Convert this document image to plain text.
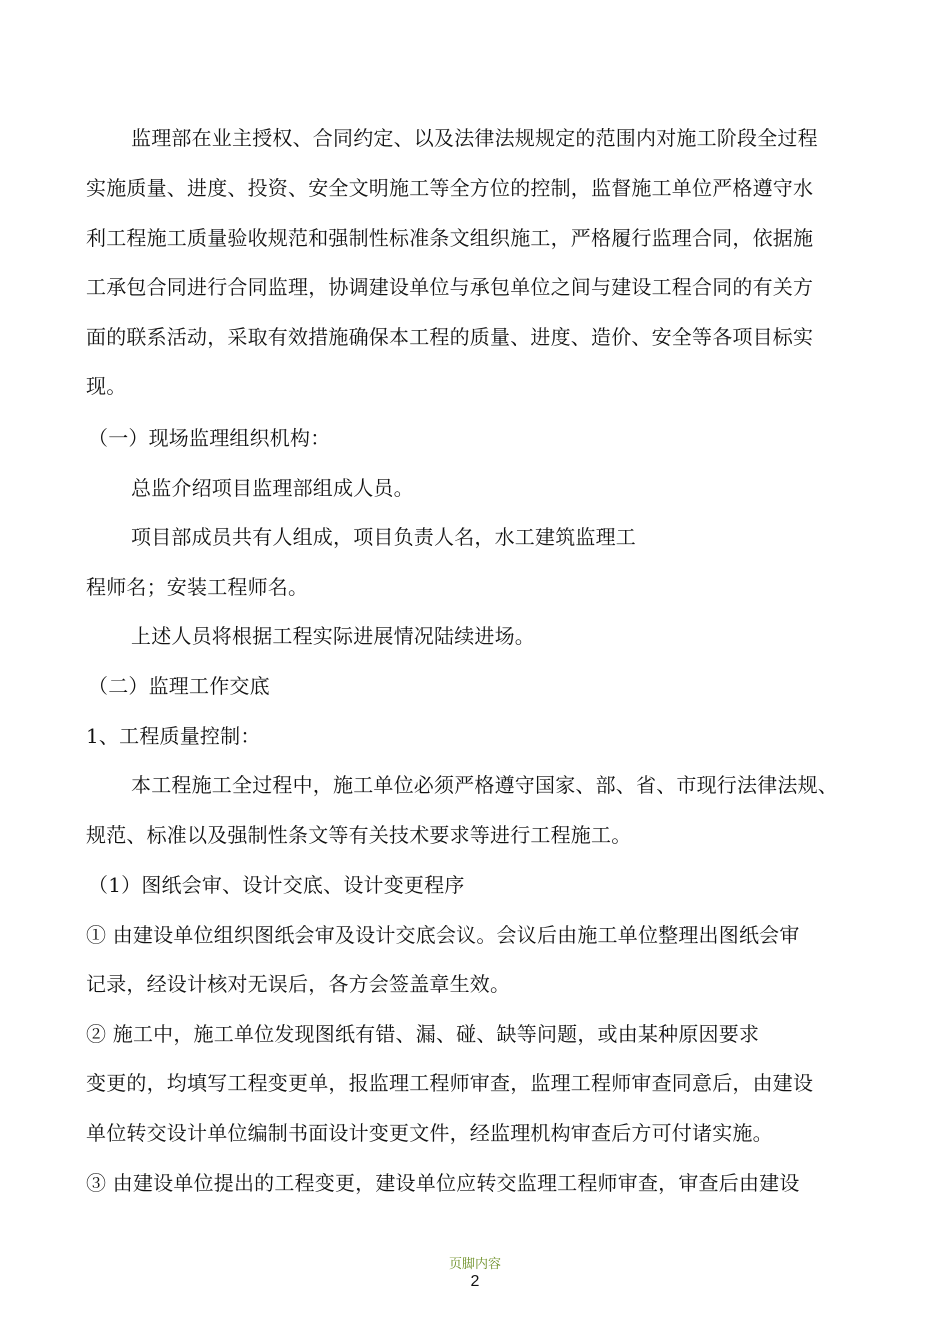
监理部在业主授权、合同约定、以及法律法规规定的范围内对施工阶段全过程
实施质量、进度、投资、安全文明施工等全方位的控制，监督施工单位严格遵守水
利工程施工质量验收规范和强制性标准条文组织施工，严格履行监理合同，依据施
工承包合同进行合同监理，协调建设单位与承包单位之间与建设工程合同的有关方
面的联系活动，采取有效措施确保本工程的质量、进度、造价、安全等各项目标实
现。
（一）现场监理组织机构：
总监介绍项目监理部组成人员。
项目部成员共有人组成，项目负责人名，水工建筑监理工
程师名；安装工程师名。
上述人员将根据工程实际进展情况陆续进场。
（二）监理工作交底
1、工程质量控制：
本工程施工全过程中，施工单位必须严格遵守国家、部、省、市现行法律法规、
规范、标准以及强制性条文等有关技术要求等进行工程施工。
（1）图纸会审、设计交底、设计变更程序
① 由建设单位组织图纸会审及设计交底会议。会议后由施工单位整理出图纸会审
记录，经设计核对无误后，各方会签盖章生效。
② 施工中，施工单位发现图纸有错、漏、碰、缺等问题，或由某种原因要求
变更的，均填写工程变更单，报监理工程师审查，监理工程师审查同意后，由建设
单位转交设计单位编制书面设计变更文件，经监理机构审查后方可付诸实施。
③ 由建设单位提出的工程变更，建设单位应转交监理工程师审查，审查后由建设
页脚内容
2
